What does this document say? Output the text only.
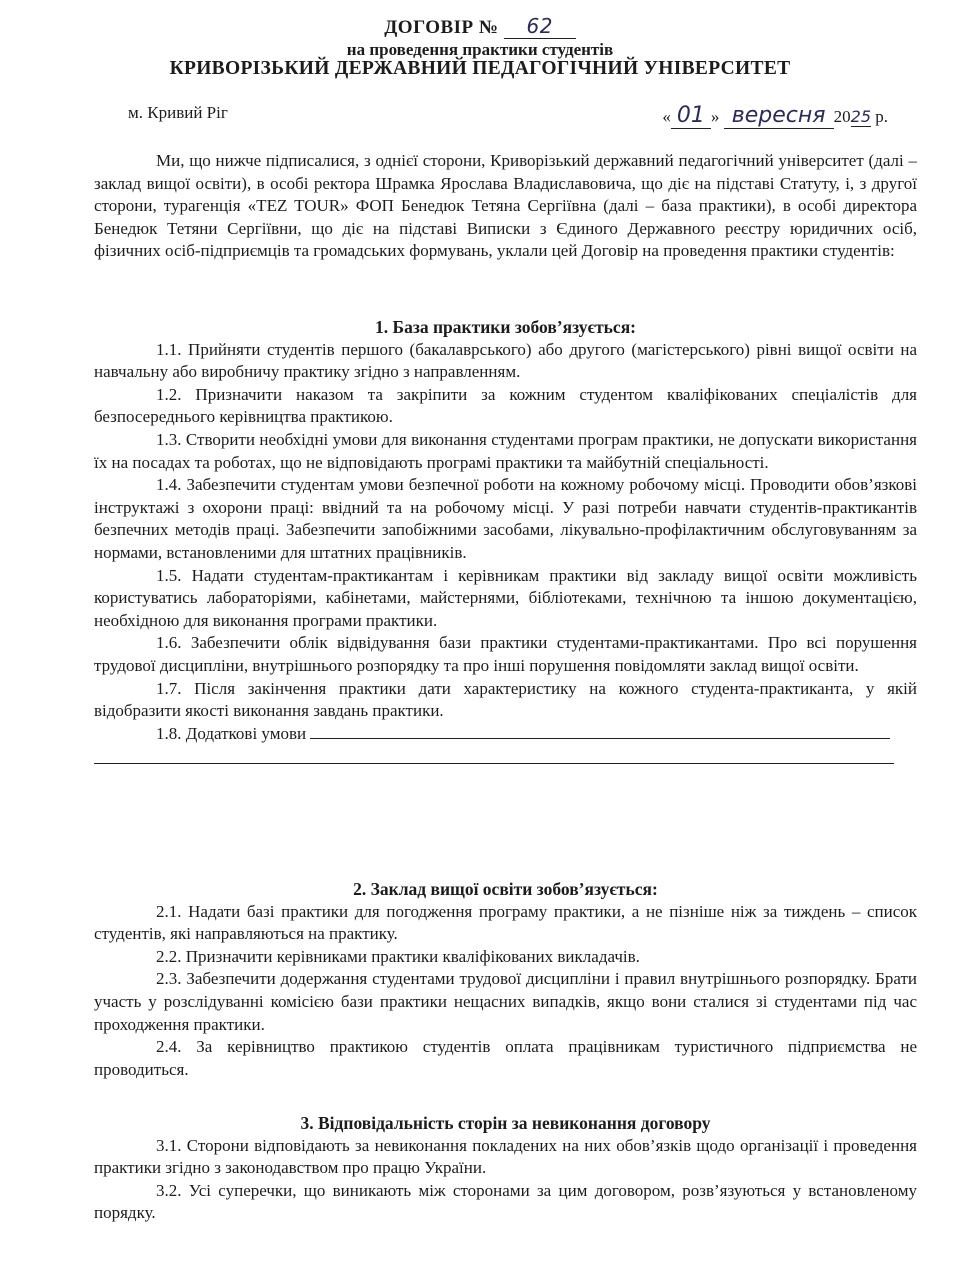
ДОГОВІР № 62
на проведення практики студентів
КРИВОРІЗЬКИЙ ДЕРЖАВНИЙ ПЕДАГОГІЧНИЙ УНІВЕРСИТЕТ
м. Кривий Ріг	« 01 » вересня 2025 р.

Ми, що нижче підписалися, з однієї сторони, Криворізький державний педагогічний університет (далі – заклад вищої освіти), в особі ректора Шрамка Ярослава Владиславовича, що діє на підставі Статуту, і, з другої сторони, турагенція «TEZ TOUR» ФОП Бенедюк Тетяна Сергіївна (далі – база практики), в особі директора Бенедюк Тетяни Сергіївни, що діє на підставі Виписки з Єдиного Державного реєстру юридичних осіб, фізичних осіб-підприємців та громадських формувань, уклали цей Договір на проведення практики студентів:

1. База практики зобов’язується:

1.1. Прийняти студентів першого (бакалаврського) або другого (магістерського) рівні вищої освіти на навчальну або виробничу практику згідно з направленням.

1.2. Призначити наказом та закріпити за кожним студентом кваліфікованих спеціалістів для безпосереднього керівництва практикою.

1.3. Створити необхідні умови для виконання студентами програм практики, не допускати використання їх на посадах та роботах, що не відповідають програмі практики та майбутній спеціальності.

1.4. Забезпечити студентам умови безпечної роботи на кожному робочому місці. Проводити обов’язкові інструктажі з охорони праці: ввідний та на робочому місці. У разі потреби навчати студентів-практикантів безпечних методів праці. Забезпечити запобіжними засобами, лікувально-профілактичним обслуговуванням за нормами, встановленими для штатних працівників.

1.5. Надати студентам-практикантам і керівникам практики від закладу вищої освіти можливість користуватись лабораторіями, кабінетами, майстернями, бібліотеками, технічною та іншою документацією, необхідною для виконання програми практики.

1.6. Забезпечити облік відвідування бази практики студентами-практикантами. Про всі порушення трудової дисципліни, внутрішнього розпорядку та про інші порушення повідомляти заклад вищої освіти.

1.7. Після закінчення практики дати характеристику на кожного студента-практиканта, у якій відобразити якості виконання завдань практики.

1.8. Додаткові умови

2. Заклад вищої освіти зобов’язується:

2.1. Надати базі практики для погодження програму практики, а не пізніше ніж за тиждень – список студентів, які направляються на практику.

2.2. Призначити керівниками практики кваліфікованих викладачів.

2.3. Забезпечити додержання студентами трудової дисципліни і правил внутрішнього розпорядку. Брати участь у розслідуванні комісією бази практики нещасних випадків, якщо вони сталися зі студентами під час проходження практики.

2.4. За керівництво практикою студентів оплата працівникам туристичного підприємства не проводиться.

3. Відповідальність сторін за невиконання договору

3.1. Сторони відповідають за невиконання покладених на них обов’язків щодо організації і проведення практики згідно з законодавством про працю України.

3.2. Усі суперечки, що виникають між сторонами за цим договором, розв’язуються у встановленому порядку.
